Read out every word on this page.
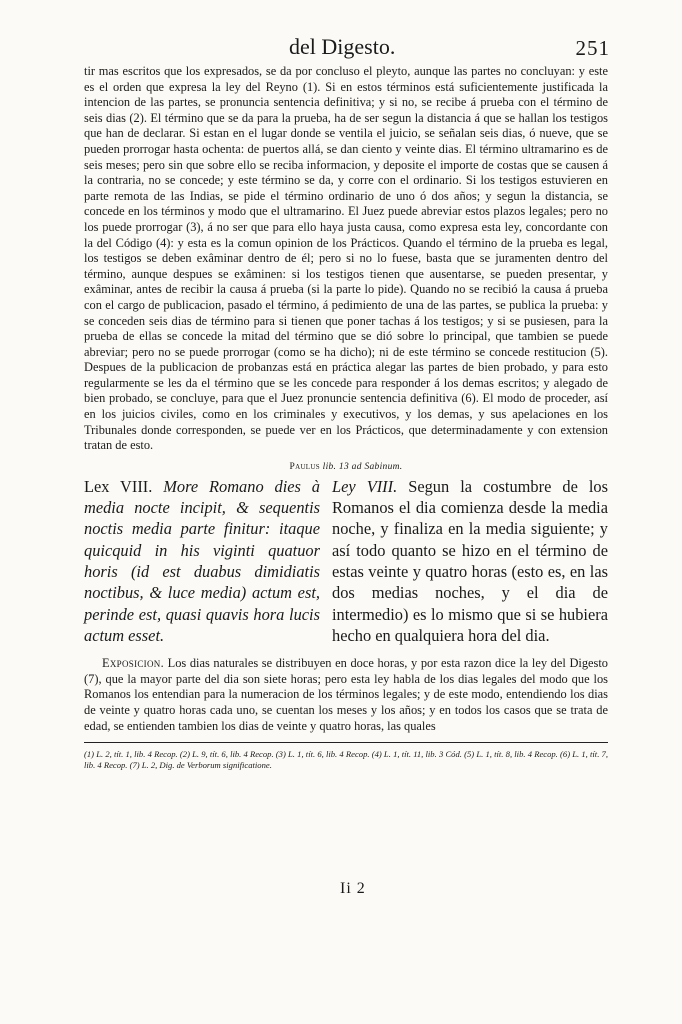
del Digesto.	251

tir mas escritos que los expresados, se da por concluso el pleyto, aunque las partes no concluyan: y este es el orden que expresa la ley del Reyno (1). Si en estos términos está suficientemente justificada la intencion de las partes, se pronuncia sentencia definitiva; y si no, se recibe á prueba con el término de seis dias (2). El término que se da para la prueba, ha de ser segun la distancia á que se hallan los testigos que han de declarar. Si estan en el lugar donde se ventila el juicio, se señalan seis dias, ó nueve, que se pueden prorrogar hasta ochenta: de puertos allá, se dan ciento y veinte dias. El término ultramarino es de seis meses; pero sin que sobre ello se reciba informacion, y deposite el importe de costas que se causen á la contraria, no se concede; y este término se da, y corre con el ordinario. Si los testigos estuvieren en parte remota de las Indias, se pide el término ordinario de uno ó dos años; y segun la distancia, se concede en los términos y modo que el ultramarino. El Juez puede abreviar estos plazos legales; pero no los puede prorrogar (3), á no ser que para ello haya justa causa, como expresa esta ley, concordante con la del Código (4): y esta es la comun opinion de los Prácticos. Quando el término de la prueba es legal, los testigos se deben exâminar dentro de él; pero si no lo fuese, basta que se juramenten dentro del término, aunque despues se exâminen: si los testigos tienen que ausentarse, se pueden presentar, y exâminar, antes de recibir la causa á prueba (si la parte lo pide). Quando no se recibió la causa á prueba con el cargo de publicacion, pasado el término, á pedimiento de una de las partes, se publica la prueba: y se conceden seis dias de término para si tienen que poner tachas á los testigos; y si se pusiesen, para la prueba de ellas se concede la mitad del término que se dió sobre lo principal, que tambien se puede abreviar; pero no se puede prorrogar (como se ha dicho); ni de este término se concede restitucion (5). Despues de la publicacion de probanzas está en práctica alegar las partes de bien probado, y para esto regularmente se les da el término que se les concede para responder á los demas escritos; y alegado de bien probado, se concluye, para que el Juez pronuncie sentencia definitiva (6). El modo de proceder, así en los juicios civiles, como en los criminales y executivos, y los demas, y sus apelaciones en los Tribunales donde corresponden, se puede ver en los Prácticos, que determinadamente y con extension tratan de esto.

Paulus lib. 13 ad Sabinum.

Lex VIII. More Romano dies à media nocte incipit, & sequentis noctis media parte finitur: itaque quicquid in his viginti quatuor horis (id est duabus dimidiatis noctibus, & luce media) actum est, perinde est, quasi quavis hora lucis actum esset.

Ley VIII. Segun la costumbre de los Romanos el dia comienza desde la media noche, y finaliza en la media siguiente; y así todo quanto se hizo en el término de estas veinte y quatro horas (esto es, en las dos medias noches, y el dia de intermedio) es lo mismo que si se hubiera hecho en qualquiera hora del dia.

Exposicion. Los dias naturales se distribuyen en doce horas, y por esta razon dice la ley del Digesto (7), que la mayor parte del dia son siete horas; pero esta ley habla de los dias legales del modo que los Romanos los entendian para la numeracion de los términos legales; y de este modo, entendiendo los dias de veinte y quatro horas cada uno, se cuentan los meses y los años; y en todos los casos que se trata de edad, se entienden tambien los dias de veinte y quatro horas, las quales

(1) L. 2, tít. 1, lib. 4 Recop. (2) L. 9, tít. 6, lib. 4 Recop. (3) L. 1, tít. 6, lib. 4 Recop. (4) L. 1, tít. 11, lib. 3 Cód. (5) L. 1, tít. 8, lib. 4 Recop. (6) L. 1, tít. 7, lib. 4 Recop. (7) L. 2, Dig. de Verborum significatione.

Ii 2
